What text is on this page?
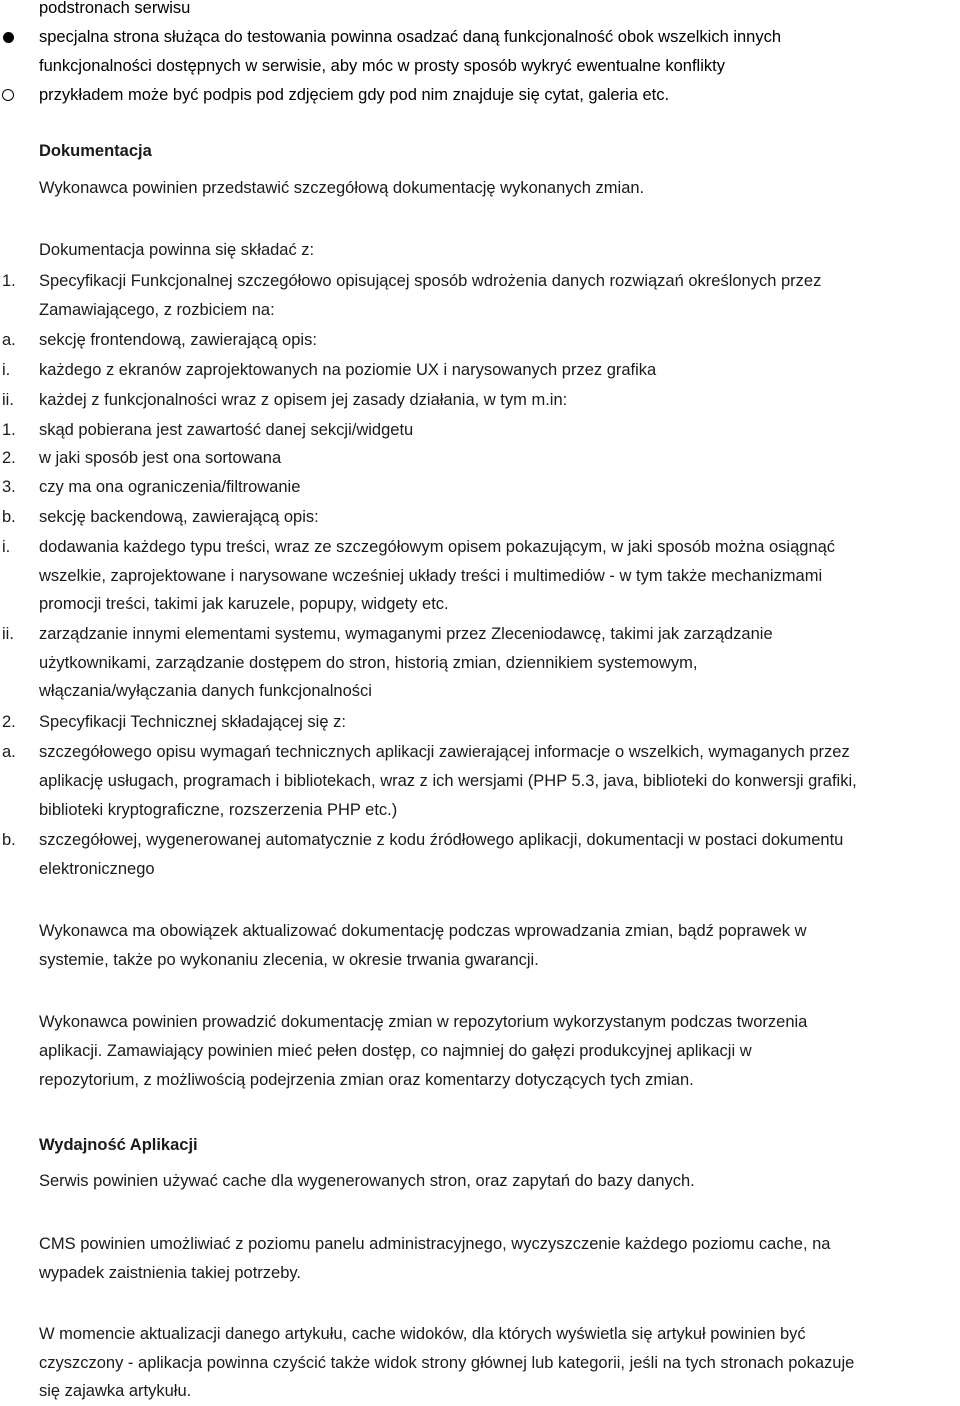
podstronach serwisu
specjalna strona służąca do testowania powinna osadzać daną funkcjonalność obok wszelkich innych
funkcjonalności dostępnych w serwisie, aby móc w prosty sposób wykryć ewentualne konflikty
przykładem może być podpis pod zdjęciem gdy pod nim znajduje się cytat, galeria etc.
Dokumentacja
Wykonawca powinien przedstawić szczegółową dokumentację wykonanych zmian.
Dokumentacja powinna się składać z:
1. Specyfikacji Funkcjonalnej szczegółowo opisującej sposób wdrożenia danych rozwiązań określonych przez
Zamawiającego, z rozbiciem na:
a. sekcję frontendową, zawierającą opis:
i. każdego z ekranów zaprojektowanych na poziomie UX i narysowanych przez grafika
ii. każdej z funkcjonalności wraz z opisem jej zasady działania, w tym m.in:
1. skąd pobierana jest zawartość danej sekcji/widgetu
2. w jaki sposób jest ona sortowana
3. czy ma ona ograniczenia/filtrowanie
b. sekcję backendową, zawierającą opis:
i. dodawania każdego typu treści, wraz ze szczegółowym opisem pokazującym, w jaki sposób można osiągnąć
wszelkie, zaprojektowane i narysowane wcześniej układy treści i multimediów - w tym także mechanizmami
promocji treści, takimi jak karuzele, popupy, widgety etc.
ii. zarządzanie innymi elementami systemu, wymaganymi przez Zleceniodawcę, takimi jak zarządzanie
użytkownikami, zarządzanie dostępem do stron, historią zmian, dziennikiem systemowym,
włączania/wyłączania danych funkcjonalności
2. Specyfikacji Technicznej składającej się z:
a. szczegółowego opisu wymagań technicznych aplikacji zawierającej informacje o wszelkich, wymaganych przez
aplikację usługach, programach i bibliotekach, wraz z ich wersjami (PHP 5.3, java, biblioteki do konwersji grafiki,
biblioteki kryptograficzne, rozszerzenia PHP etc.)
b. szczegółowej, wygenerowanej automatycznie z kodu źródłowego aplikacji, dokumentacji w postaci dokumentu
elektronicznego
Wykonawca ma obowiązek aktualizować dokumentację podczas wprowadzania zmian, bądź poprawek w
systemie, także po wykonaniu zlecenia, w okresie trwania gwarancji.
Wykonawca powinien prowadzić dokumentację zmian w repozytorium wykorzystanym podczas tworzenia
aplikacji. Zamawiający powinien mieć pełen dostęp, co najmniej do gałęzi produkcyjnej aplikacji w
repozytorium, z możliwością podejrzenia zmian oraz komentarzy dotyczących tych zmian.
Wydajność Aplikacji
Serwis powinien używać cache dla wygenerowanych stron, oraz zapytań do bazy danych.
CMS powinien umożliwiać z poziomu panelu administracyjnego, wyczyszczenie każdego poziomu cache, na
wypadek zaistnienia takiej potrzeby.
W momencie aktualizacji danego artykułu, cache widoków, dla których wyświetla się artykuł powinien być
czyszczony - aplikacja powinna czyścić także widok strony głównej lub kategorii, jeśli na tych stronach pokazuje
się zajawka artykułu.
